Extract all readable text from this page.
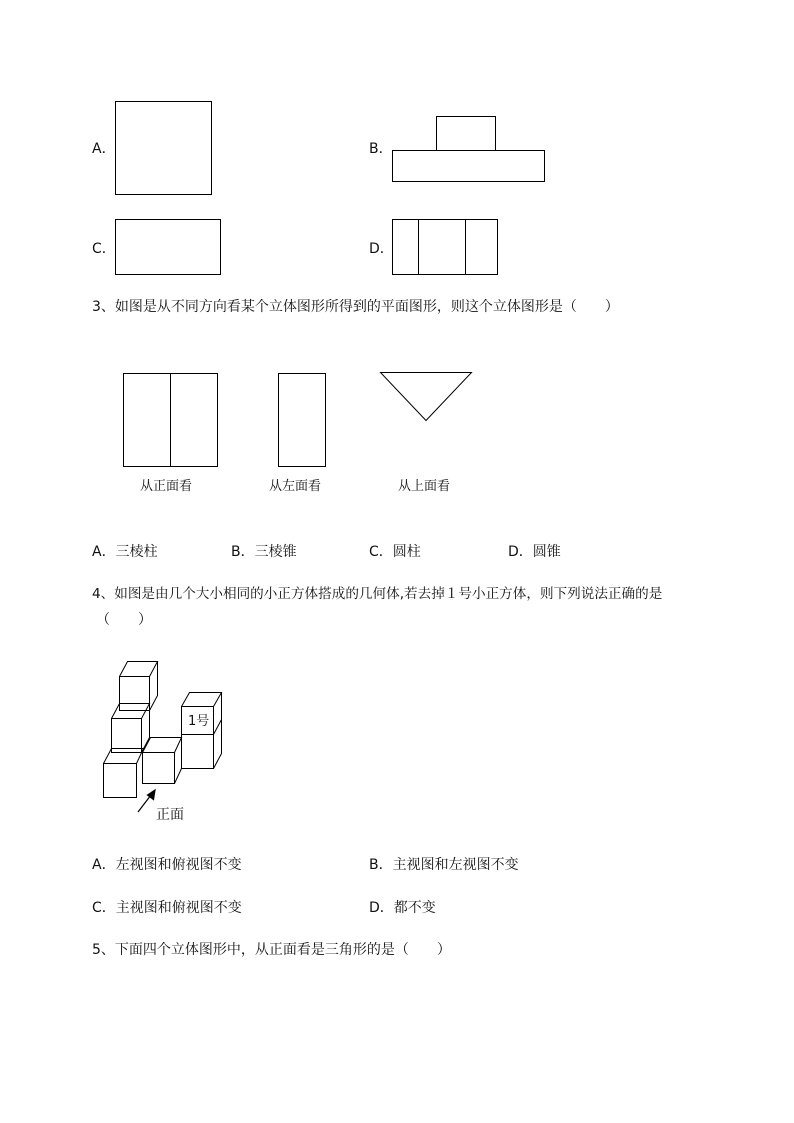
A．	B．
C．	D．
3、如图是从不同方向看某个立体图形所得到的平面图形，则这个立体图形是（　　）
从正面看	从左面看	从上面看
A．三棱柱	B．三棱锥	C．圆柱	D．圆锥
4、如图是由几个大小相同的小正方体搭成的几何体,若去掉１号小正方体，则下列说法正确的是
（　　）
1号
正面
A．左视图和俯视图不变	B．主视图和左视图不变
C．主视图和俯视图不变	D．都不变
5、下面四个立体图形中，从正面看是三角形的是（　　）
